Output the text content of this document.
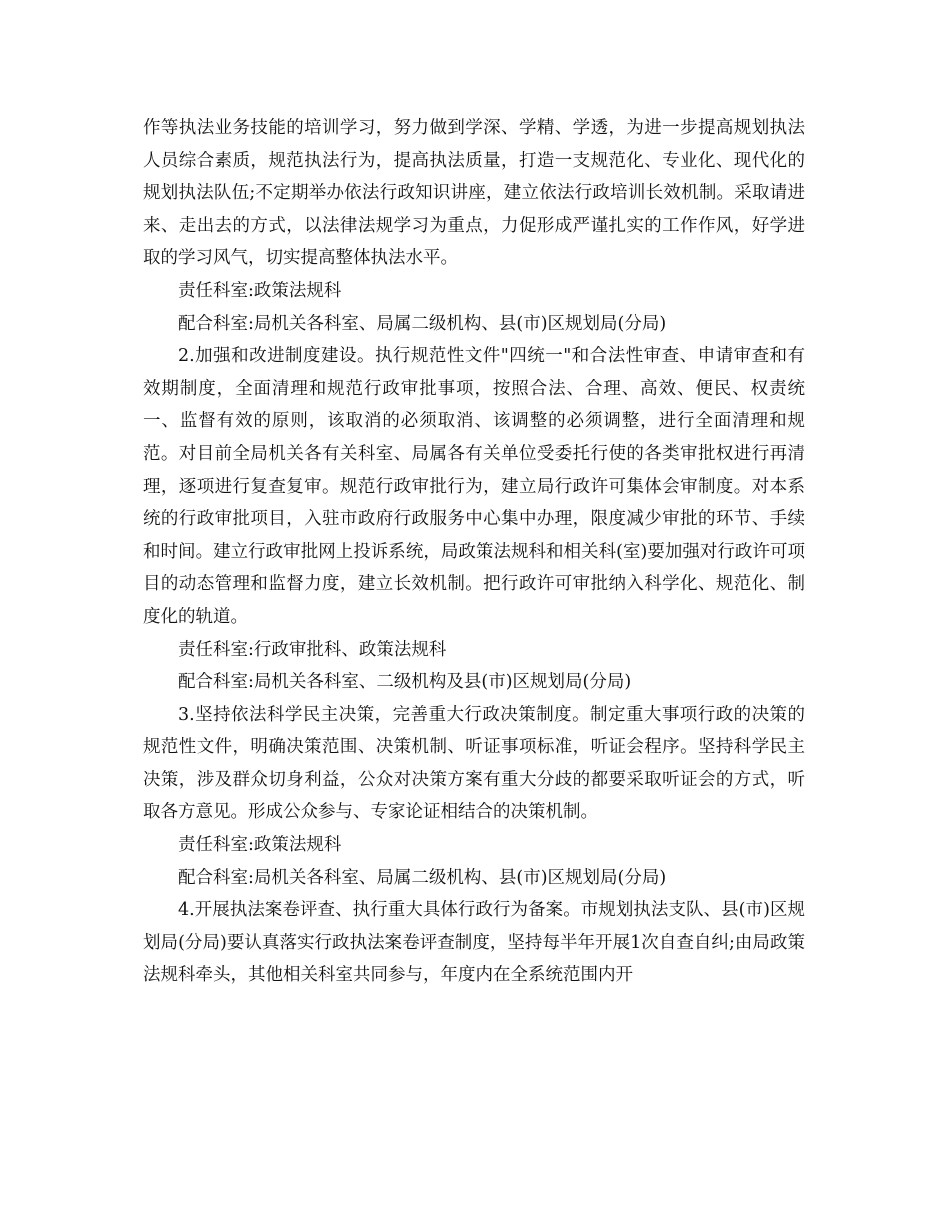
作等执法业务技能的培训学习，努力做到学深、学精、学透，为进一步提高规划执法人员综合素质，规范执法行为，提高执法质量，打造一支规范化、专业化、现代化的规划执法队伍;不定期举办依法行政知识讲座，建立依法行政培训长效机制。采取请进来、走出去的方式，以法律法规学习为重点，力促形成严谨扎实的工作作风，好学进取的学习风气，切实提高整体执法水平。

责任科室:政策法规科

配合科室:局机关各科室、局属二级机构、县(市)区规划局(分局)

2.加强和改进制度建设。执行规范性文件"四统一"和合法性审查、申请审查和有效期制度，全面清理和规范行政审批事项，按照合法、合理、高效、便民、权责统一、监督有效的原则，该取消的必须取消、该调整的必须调整，进行全面清理和规范。对目前全局机关各有关科室、局属各有关单位受委托行使的各类审批权进行再清理，逐项进行复查复审。规范行政审批行为，建立局行政许可集体会审制度。对本系统的行政审批项目，入驻市政府行政服务中心集中办理，限度减少审批的环节、手续和时间。建立行政审批网上投诉系统，局政策法规科和相关科(室)要加强对行政许可项目的动态管理和监督力度，建立长效机制。把行政许可审批纳入科学化、规范化、制度化的轨道。

责任科室:行政审批科、政策法规科

配合科室:局机关各科室、二级机构及县(市)区规划局(分局)

3.坚持依法科学民主决策，完善重大行政决策制度。制定重大事项行政的决策的规范性文件，明确决策范围、决策机制、听证事项标准，听证会程序。坚持科学民主决策，涉及群众切身利益，公众对决策方案有重大分歧的都要采取听证会的方式，听取各方意见。形成公众参与、专家论证相结合的决策机制。

责任科室:政策法规科

配合科室:局机关各科室、局属二级机构、县(市)区规划局(分局)

4.开展执法案卷评查、执行重大具体行政行为备案。市规划执法支队、县(市)区规划局(分局)要认真落实行政执法案卷评查制度，坚持每半年开展1次自查自纠;由局政策法规科牵头，其他相关科室共同参与，年度内在全系统范围内开
